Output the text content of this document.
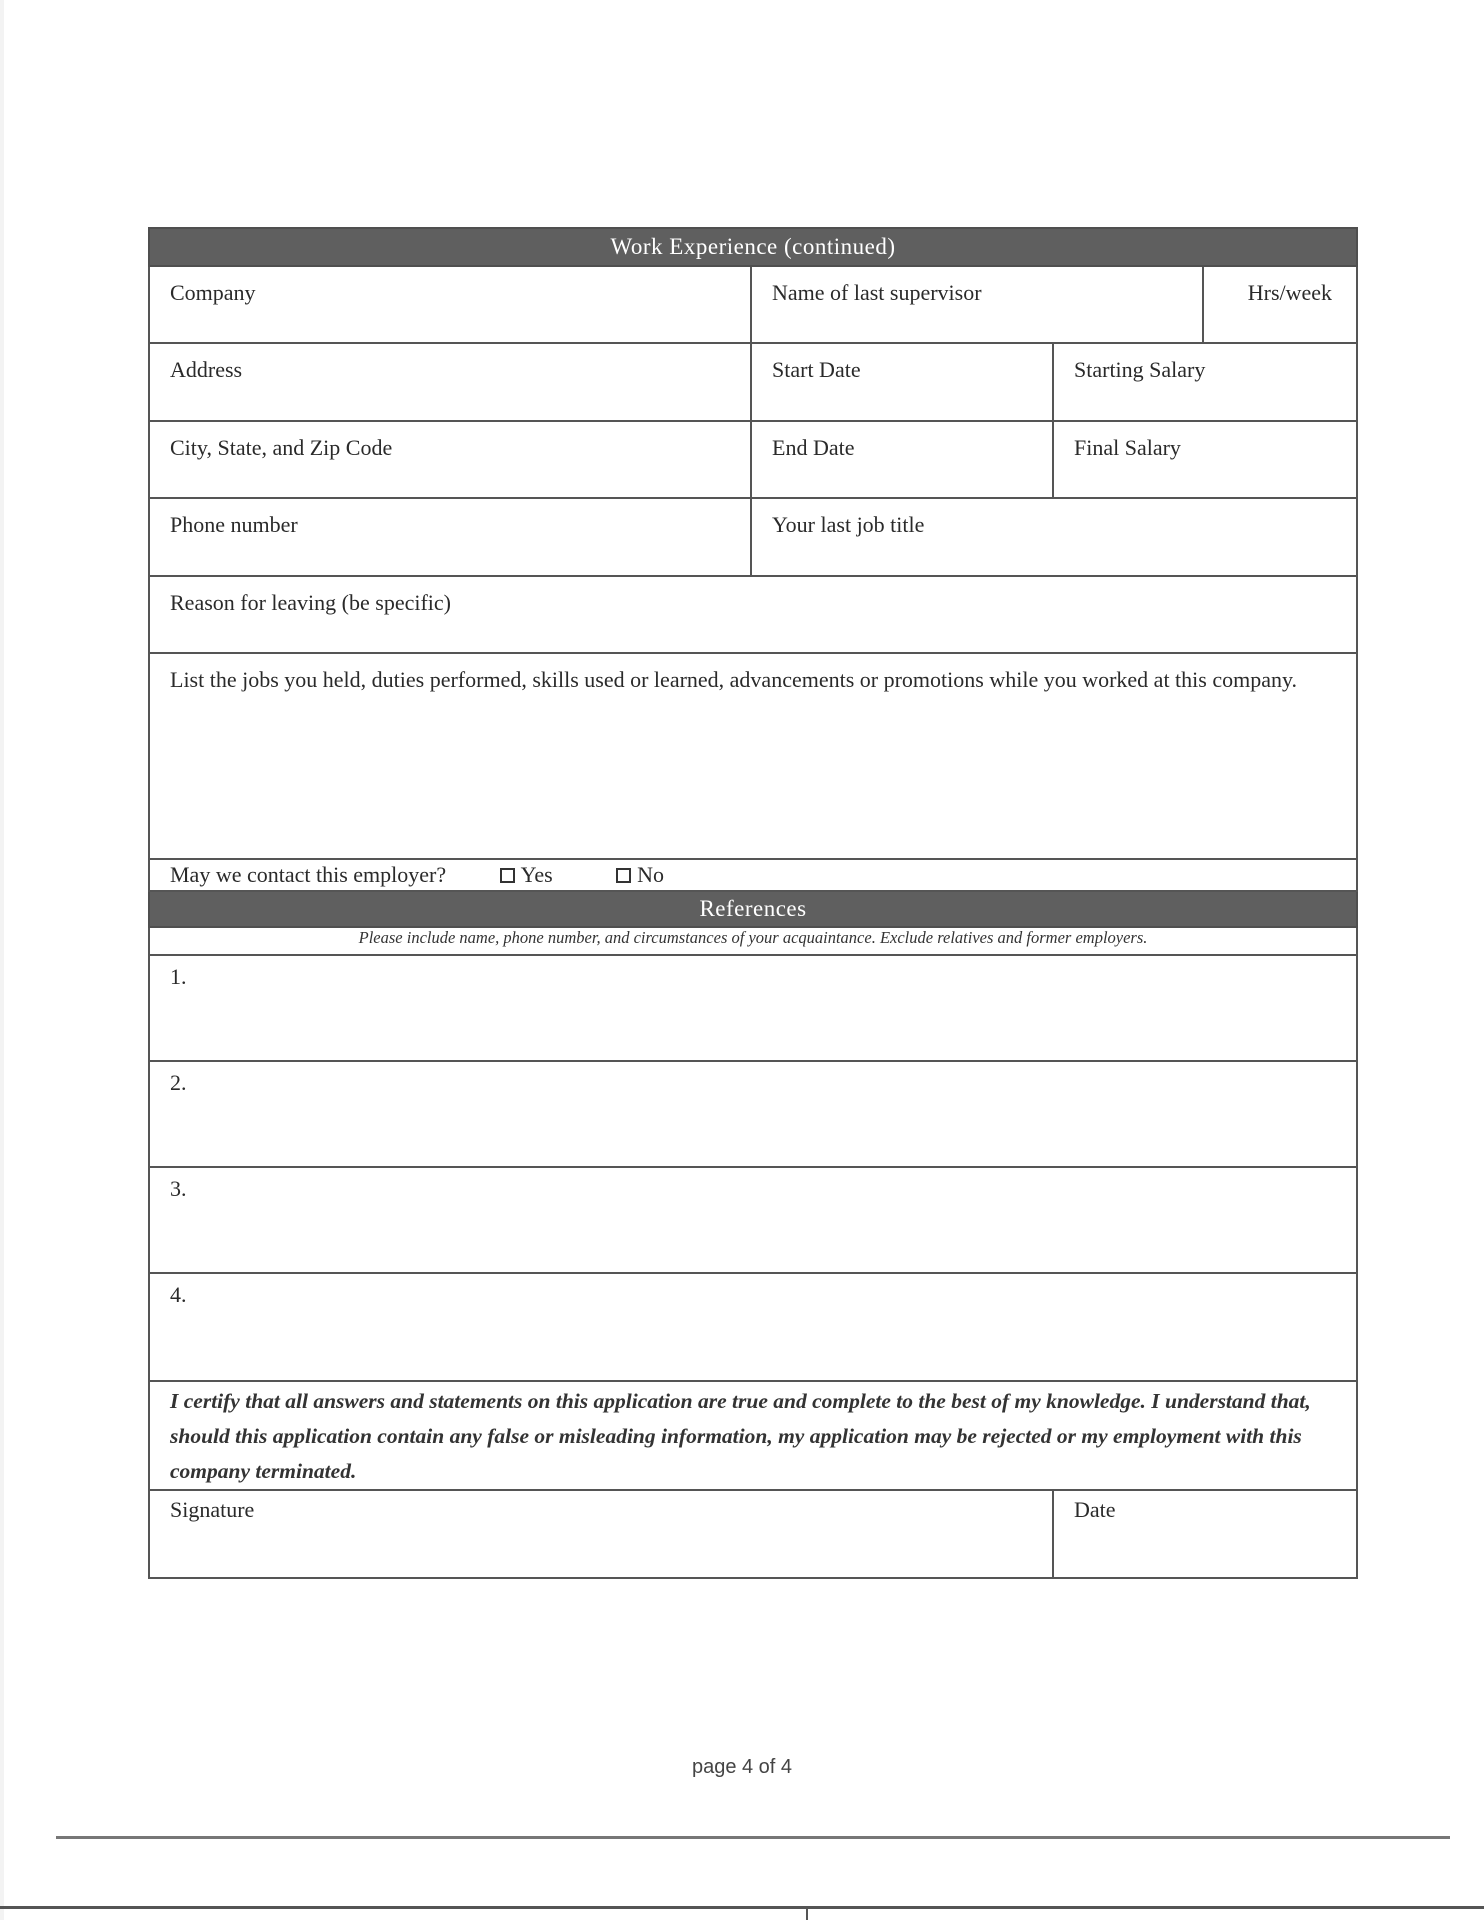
Work Experience (continued)			

Company	Name of last supervisor		Hrs/week

Address	Start Date	Starting Salary	

City, State, and Zip Code	End Date	Final Salary	

Phone number	Your last job title		

Reason for leaving (be specific)			

List the jobs you held, duties performed, skills used or learned, advancements or promotions while you worked at this company.			

May we contact this employer? Yes No			

References			
Please include name, phone number, and circumstances of your acquaintance. Exclude relatives and former employers.			

1.			

2.			

3.			

4.			

I certify that all answers and statements on this application are true and complete to the best of my knowledge. I understand that, should this application contain any false or misleading information, my application may be rejected or my employment with this company terminated.			

Signature		Date	
page 4 of 4
